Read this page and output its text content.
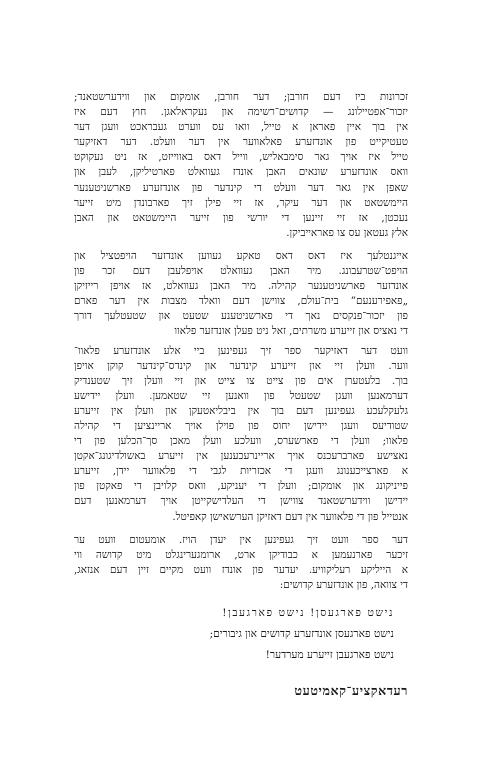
זכרונות ביז דעם חורבן; דער חורבן, אומקום און ווידערשטאנד;
יזכור־אפטיילונג — קדושים־רשימה און נעקראלאגן. חוץ דעם איז
אין בוך איין פאראן א טייל, וואו עס ווערט געבראכט וועגן דער
טעטיקייט פון אונדזערע פאלאווער אין דער וועלט. דער דאזיקער
טייל איז אויך גאר סימבאליש, ווייל דאס באווייזט, אז ניט געקוקט
וואס אונדזערע שונאים האבן אונדז געוואלט פארטיליקן, לעבן און
שאפן אין גאר דער וועלט די קינדער פון אונדזערע פארשניטענער
היימשטאט און דער עיקר, אז זיי פילן זיך פארבונדן מיט זייער
נעכטן, אז זיי זיינען די יורשי פון זייער היימשטאט און האבן
אלץ געטאן עס צו פאראייביקן.
אייגנטלעך איז דאס דאס טאקע געווען אונדזער הויפטציל און
הויפט־שטרעבונג. מיר האבן געוואלט אויפלעבן דעם זכר פון
אונדזער פארשניטענער קהילה. מיר האבן געוואלט, אז אויפן רייזיקן
„פאפירענעם” בית־עולם, צווישן דעם וואלד מצבות אין דער פארם
פון יזכור־פנקסים נאך די פארשניטענע שטעט און שטעטלעך דורך
די נאציס און זייערע משרתים, זאל ניט פעלן אונדזער פלאוו
וועט דער דאזיקער ספר זיך געפינען ביי אלע אונדזערע פלאוו־
ווער. וועלן זיי און זייערע קינדער און קינדס־קינדער קוקן אויפן
בוך. בלעטערן אים פון צייט צו צייט און זיי וועלן זיך שטענדיק
דערמאנען וועגן שטעטל פון וואנען זיי שטאמען. וועלן יידישע
גלעקלעכע געפינען דעם בוך אין ביבליאטעקן און וועלן אין זייערע
שטודיעס וועגן יידישן יחוס פון פוילן אויך אריינציען די קהילה
פלאוו; וועלן די פארשערס, וועלכע וועלן מאכן סך־הכלען פון די
נאצישע פארברעכנס אויך אריינרעכענען אין זייערע באשולדיגונג־אקטן
א פארצייכענונג וועגן די אכזריות לגבי די פלאווער יידן, זייערע
פייניקונג און אומקום; וועלן די יעניקע, וואס קלויבן די פאקטן פון
יידישן ווידערשטאנד צווישן די העלדישקייטן אויך דערמאנען דעם
אנטייל פון די פלאווער אין דעם דאזיקן הערשאישן קאפיטל.
דער ספר וועט זיך געפינען אין יעדן הויז. אומעטום וועט ער
זיכער פארנעמען א כבודיקן ארט, ארומגערינגלט מיט קדושה ווי
א הייליקע רעליקוויע. יעדער פון אונדז וועט מקיים זיין דעם אנזאג,
די צוואה, פון אונדזערע קדושים:
נישט פארגעסן! נישט פארגעבן!
נישט פארגעסן אונדזערע קדושים און גיבורים;
נישט פארגעבן זייערע מערדער!
רעדאקציע־קאמיטעט
